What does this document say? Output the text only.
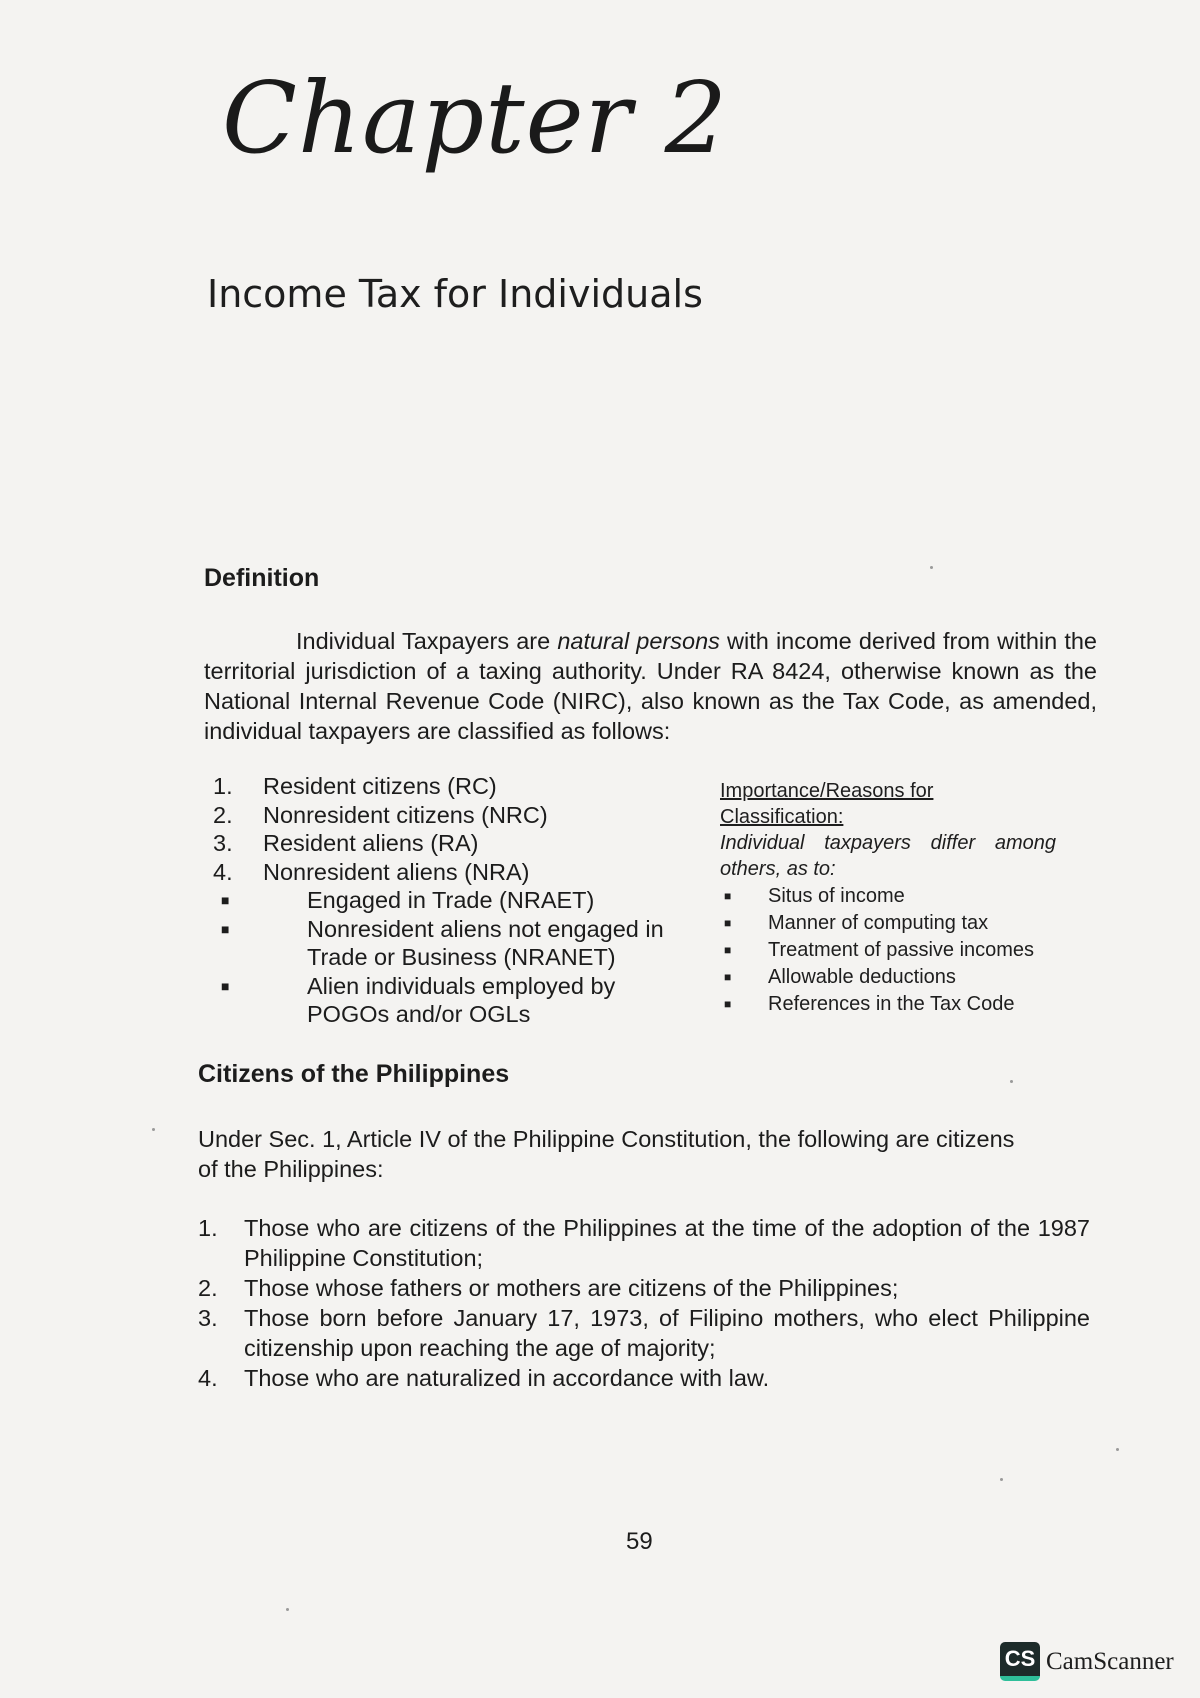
Chapter 2
Income Tax for Individuals
Definition
Individual Taxpayers are natural persons with income derived from within the territorial jurisdiction of a taxing authority. Under RA 8424, otherwise known as the National Internal Revenue Code (NIRC), also known as the Tax Code, as amended, individual taxpayers are classified as follows:
1.	Resident citizens (RC)
2.	Nonresident citizens (NRC)
3.	Resident aliens (RA)
4.	Nonresident aliens (NRA)
■	Engaged in Trade (NRAET)
■	Nonresident aliens not engaged in Trade or Business (NRANET)
■	Alien individuals employed by POGOs and/or OGLs
Importance/Reasons for Classification:
Individual taxpayers differ among
others, as to:
■	Situs of income
■	Manner of computing tax
■	Treatment of passive incomes
■	Allowable deductions
■	References in the Tax Code
Citizens of the Philippines
Under Sec. 1, Article IV of the Philippine Constitution, the following are citizens of the Philippines:
1.	Those who are citizens of the Philippines at the time of the adoption of the 1987 Philippine Constitution;
2.	Those whose fathers or mothers are citizens of the Philippines;
3.	Those born before January 17, 1973, of Filipino mothers, who elect Philippine citizenship upon reaching the age of majority;
4.	Those who are naturalized in accordance with law.
59
CS CamScanner
